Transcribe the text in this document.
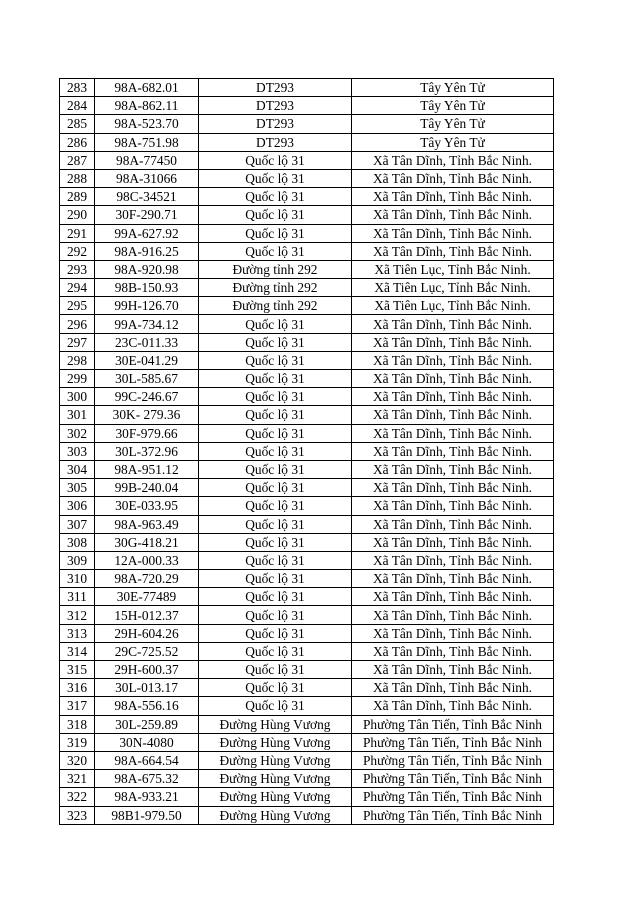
283	98A-682.01	DT293	Tây Yên Tử
284	98A-862.11	DT293	Tây Yên Tử
285	98A-523.70	DT293	Tây Yên Tử
286	98A-751.98	DT293	Tây Yên Tử
287	98A-77450	Quốc lộ 31	Xã Tân Dĩnh, Tỉnh Bắc Ninh.
288	98A-31066	Quốc lộ 31	Xã Tân Dĩnh, Tỉnh Bắc Ninh.
289	98C-34521	Quốc lộ 31	Xã Tân Dĩnh, Tỉnh Bắc Ninh.
290	30F-290.71	Quốc lộ 31	Xã Tân Dĩnh, Tỉnh Bắc Ninh.
291	99A-627.92	Quốc lộ 31	Xã Tân Dĩnh, Tỉnh Bắc Ninh.
292	98A-916.25	Quốc lộ 31	Xã Tân Dĩnh, Tỉnh Bắc Ninh.
293	98A-920.98	Đường tỉnh 292	Xã Tiên Lục, Tỉnh Bắc Ninh.
294	98B-150.93	Đường tỉnh 292	Xã Tiên Lục, Tỉnh Bắc Ninh.
295	99H-126.70	Đường tỉnh 292	Xã Tiên Lục, Tỉnh Bắc Ninh.
296	99A-734.12	Quốc lộ 31	Xã Tân Dĩnh, Tỉnh Bắc Ninh.
297	23C-011.33	Quốc lộ 31	Xã Tân Dĩnh, Tỉnh Bắc Ninh.
298	30E-041.29	Quốc lộ 31	Xã Tân Dĩnh, Tỉnh Bắc Ninh.
299	30L-585.67	Quốc lộ 31	Xã Tân Dĩnh, Tỉnh Bắc Ninh.
300	99C-246.67	Quốc lộ 31	Xã Tân Dĩnh, Tỉnh Bắc Ninh.
301	30K- 279.36	Quốc lộ 31	Xã Tân Dĩnh, Tỉnh Bắc Ninh.
302	30F-979.66	Quốc lộ 31	Xã Tân Dĩnh, Tỉnh Bắc Ninh.
303	30L-372.96	Quốc lộ 31	Xã Tân Dĩnh, Tỉnh Bắc Ninh.
304	98A-951.12	Quốc lộ 31	Xã Tân Dĩnh, Tỉnh Bắc Ninh.
305	99B-240.04	Quốc lộ 31	Xã Tân Dĩnh, Tỉnh Bắc Ninh.
306	30E-033.95	Quốc lộ 31	Xã Tân Dĩnh, Tỉnh Bắc Ninh.
307	98A-963.49	Quốc lộ 31	Xã Tân Dĩnh, Tỉnh Bắc Ninh.
308	30G-418.21	Quốc lộ 31	Xã Tân Dĩnh, Tỉnh Bắc Ninh.
309	12A-000.33	Quốc lộ 31	Xã Tân Dĩnh, Tỉnh Bắc Ninh.
310	98A-720.29	Quốc lộ 31	Xã Tân Dĩnh, Tỉnh Bắc Ninh.
311	30E-77489	Quốc lộ 31	Xã Tân Dĩnh, Tỉnh Bắc Ninh.
312	15H-012.37	Quốc lộ 31	Xã Tân Dĩnh, Tỉnh Bắc Ninh.
313	29H-604.26	Quốc lộ 31	Xã Tân Dĩnh, Tỉnh Bắc Ninh.
314	29C-725.52	Quốc lộ 31	Xã Tân Dĩnh, Tỉnh Bắc Ninh.
315	29H-600.37	Quốc lộ 31	Xã Tân Dĩnh, Tỉnh Bắc Ninh.
316	30L-013.17	Quốc lộ 31	Xã Tân Dĩnh, Tỉnh Bắc Ninh.
317	98A-556.16	Quốc lộ 31	Xã Tân Dĩnh, Tỉnh Bắc Ninh.
318	30L-259.89	Đường Hùng Vương	Phường Tân Tiến, Tỉnh Bắc Ninh
319	30N-4080	Đường Hùng Vương	Phường Tân Tiến, Tỉnh Bắc Ninh
320	98A-664.54	Đường Hùng Vương	Phường Tân Tiến, Tỉnh Bắc Ninh
321	98A-675.32	Đường Hùng Vương	Phường Tân Tiến, Tỉnh Bắc Ninh
322	98A-933.21	Đường Hùng Vương	Phường Tân Tiến, Tỉnh Bắc Ninh
323	98B1-979.50	Đường Hùng Vương	Phường Tân Tiến, Tỉnh Bắc Ninh
